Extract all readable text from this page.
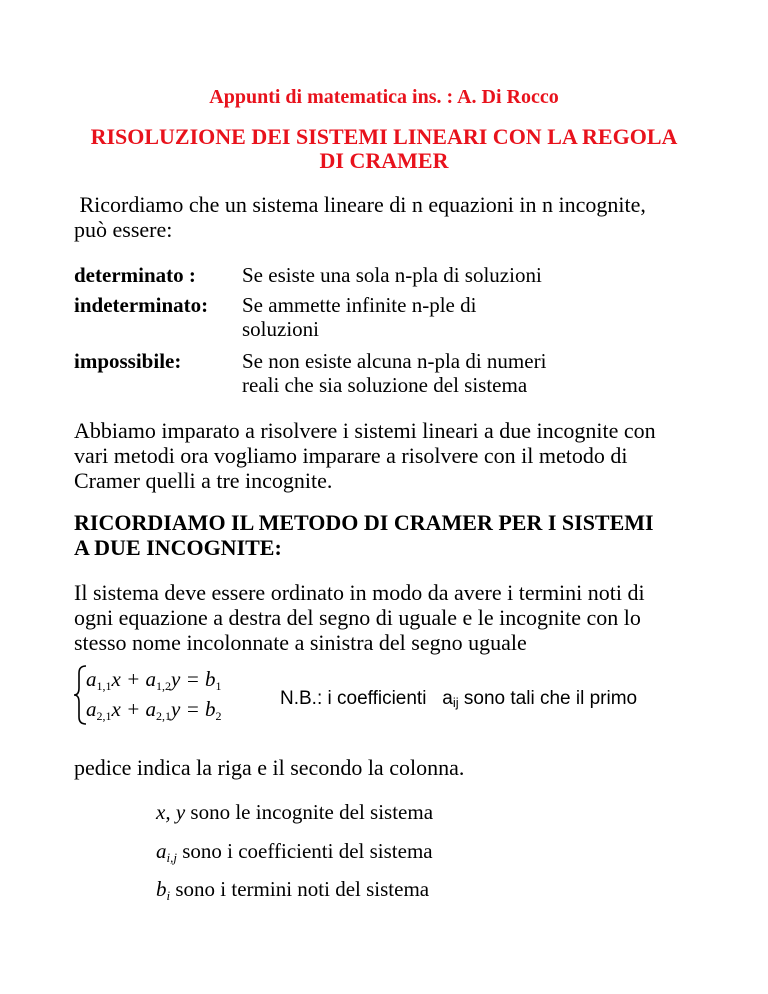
Appunti di matematica ins. : A. Di Rocco
RISOLUZIONE DEI SISTEMI LINEARI CON LA REGOLA
DI CRAMER
Ricordiamo che un sistema lineare di n equazioni in n incognite,
può essere:
determinato : Se esiste una sola n-pla di soluzioni
indeterminato: Se ammette infinite n-ple di
soluzioni
impossibile:	Se non esiste alcuna n-pla di numeri
reali che sia soluzione del sistema
Abbiamo imparato a risolvere i sistemi lineari a due incognite con
vari metodi ora vogliamo imparare a risolvere con il metodo di
Cramer quelli a tre incognite.
RICORDIAMO IL METODO DI CRAMER PER I SISTEMI
A DUE INCOGNITE:
Il sistema deve essere ordinato in modo da avere i termini noti di
ogni equazione a destra del segno di uguale e le incognite con lo
stesso nome incolonnate a sinistra del segno uguale
$a_{1,1}x + a_{1,2}y = b_1$
$a_{2,1}x + a_{2,1}y = b_2$
N.B.: i coefficienti   $a_{ij}$ sono tali che il primo
pedice indica la riga e il secondo la colonna.
x, y sono le incognite del sistema
$a_{i,j}$ sono i coefficienti del sistema
$b_i$ sono i termini noti del sistema
